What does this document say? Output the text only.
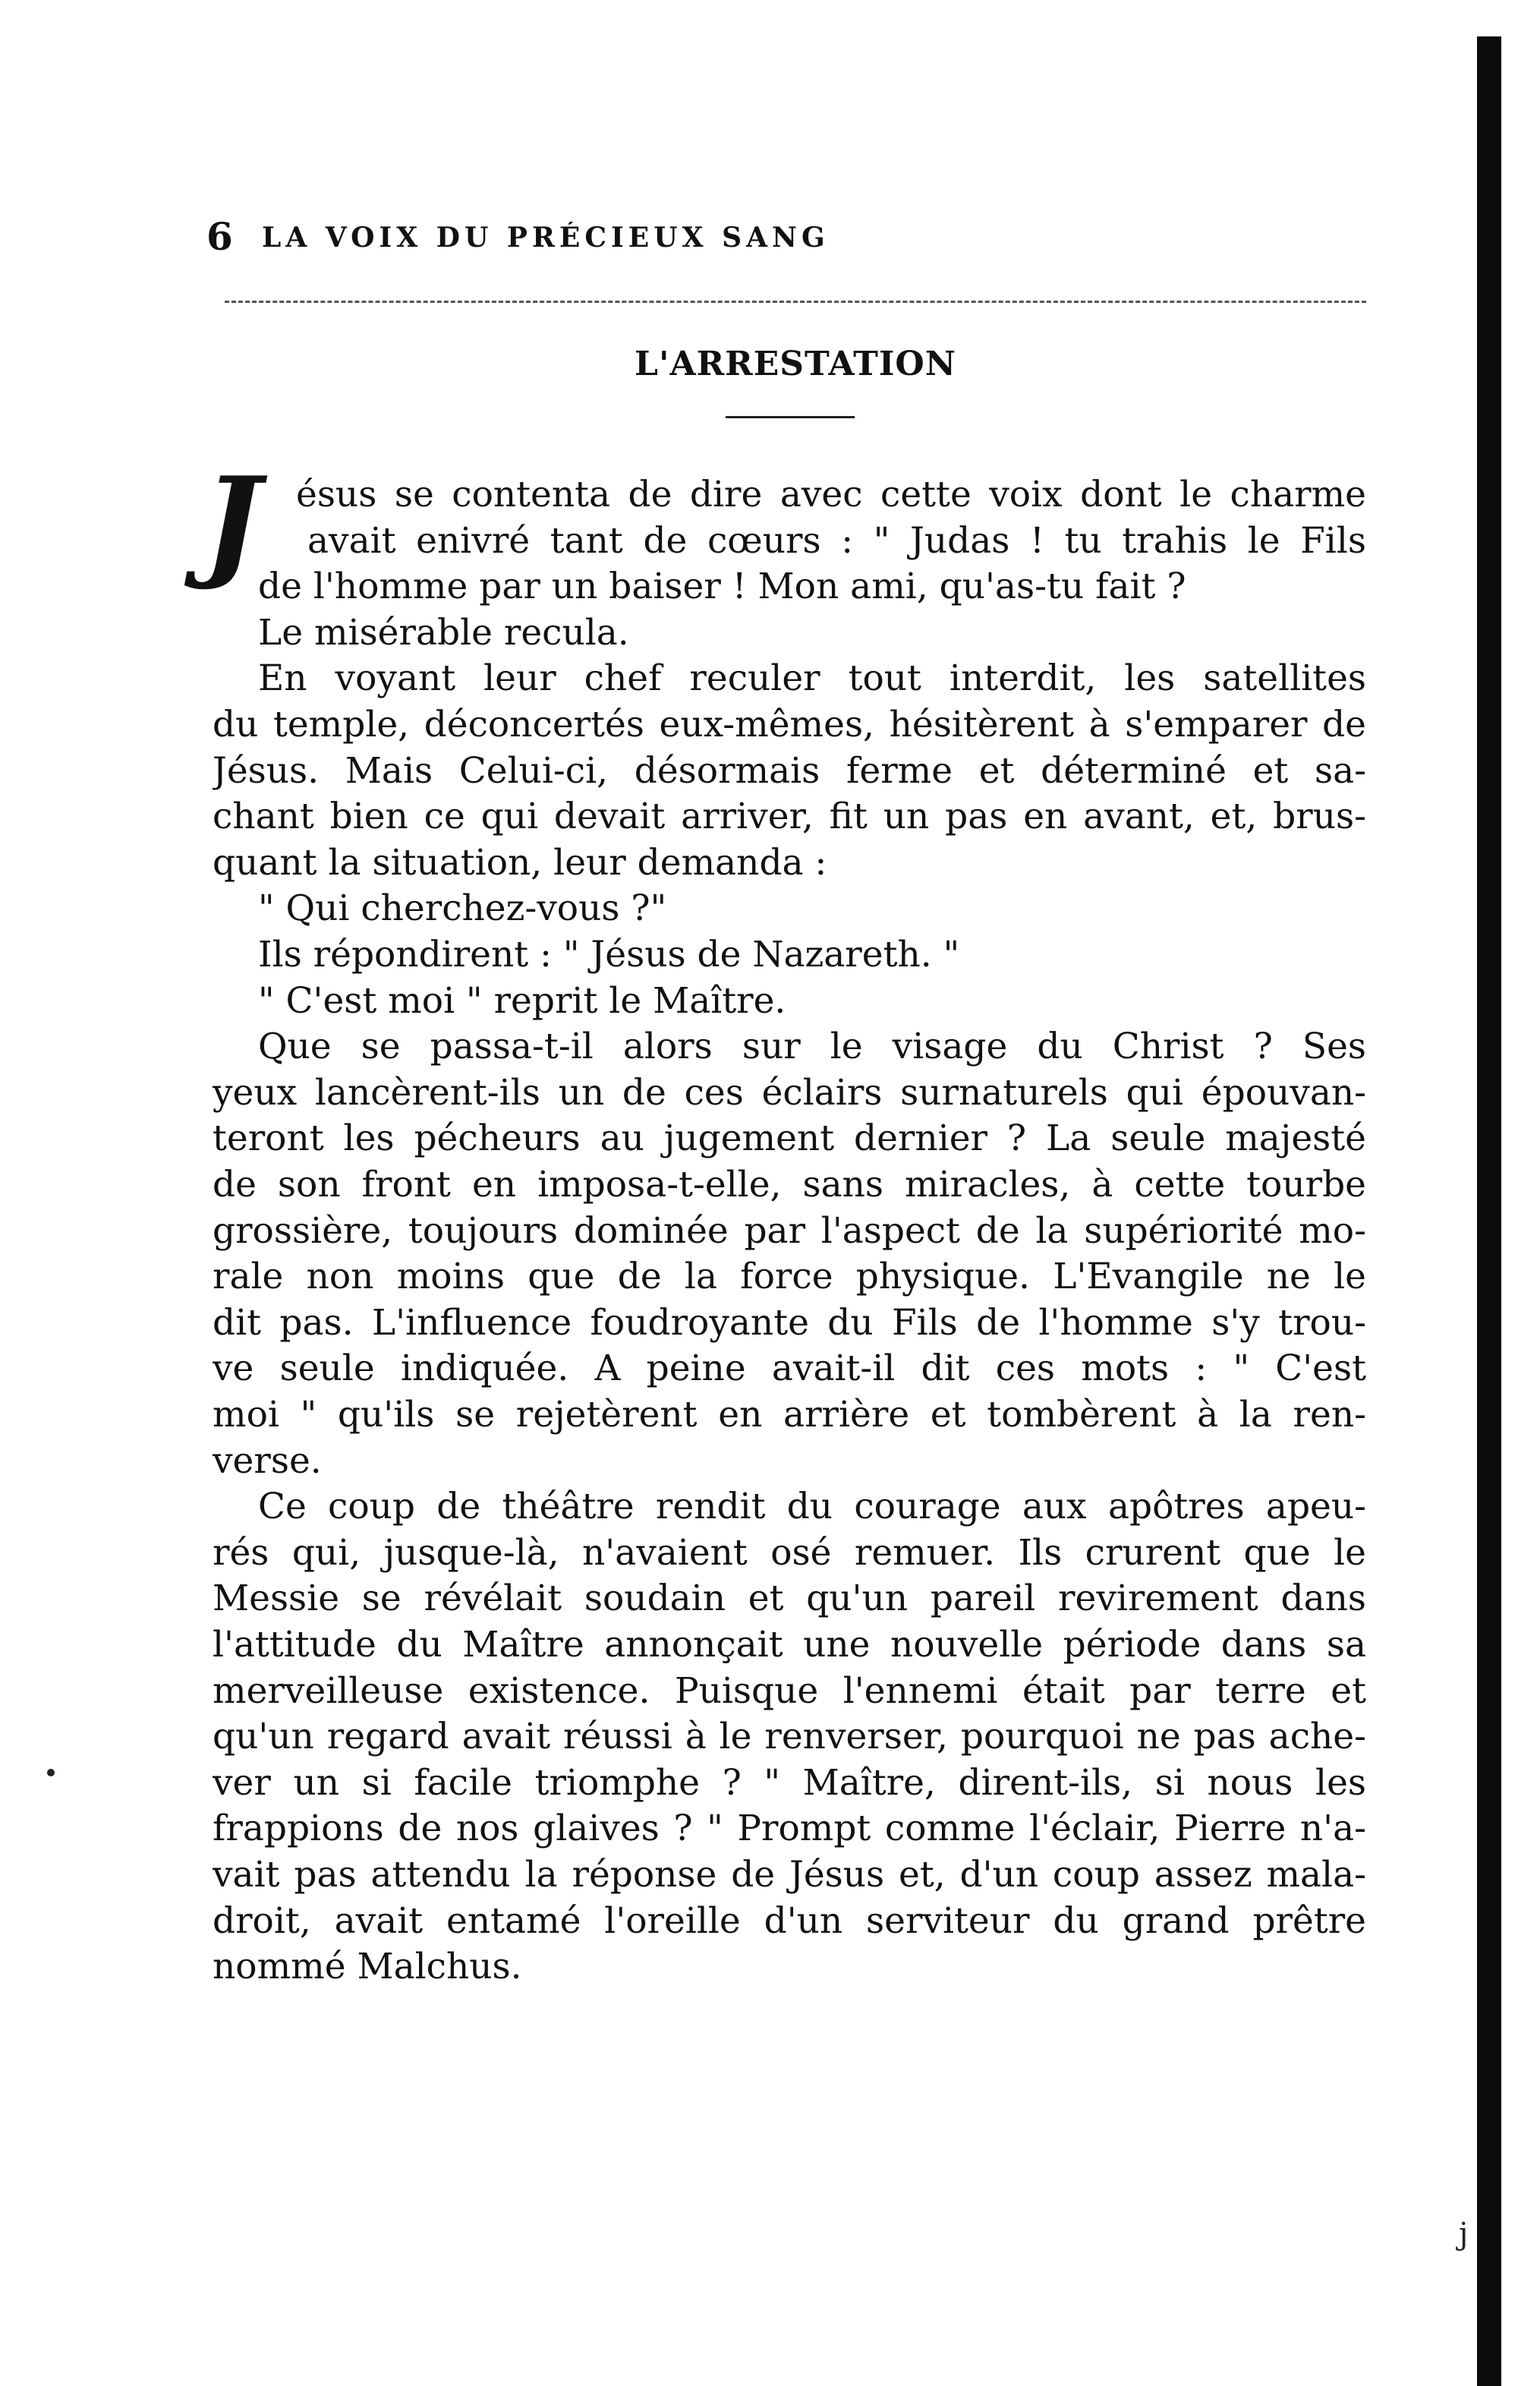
j
6 LA VOIX DU PRÉCIEUX SANG
L'ARRESTATION
J ésus se contenta de dire avec cette voix dont le charme
avait enivré tant de cœurs : " Judas ! tu trahis le Fils
de l'homme par un baiser ! Mon ami, qu'as-tu fait ?
Le misérable recula.
En voyant leur chef reculer tout interdit, les satellites
du temple, déconcertés eux-mêmes, hésitèrent à s'emparer de
Jésus. Mais Celui-ci, désormais ferme et déterminé et sa-
chant bien ce qui devait arriver, fit un pas en avant, et, brus-
quant la situation, leur demanda :
" Qui cherchez-vous ?"
Ils répondirent : " Jésus de Nazareth. "
" C'est moi " reprit le Maître.
Que se passa-t-il alors sur le visage du Christ ? Ses
yeux lancèrent-ils un de ces éclairs surnaturels qui épouvan-
teront les pécheurs au jugement dernier ? La seule majesté
de son front en imposa-t-elle, sans miracles, à cette tourbe
grossière, toujours dominée par l'aspect de la supériorité mo-
rale non moins que de la force physique. L'Evangile ne le
dit pas. L'influence foudroyante du Fils de l'homme s'y trou-
ve seule indiquée. A peine avait-il dit ces mots : " C'est
moi " qu'ils se rejetèrent en arrière et tombèrent à la ren-
verse.
Ce coup de théâtre rendit du courage aux apôtres apeu-
rés qui, jusque-là, n'avaient osé remuer. Ils crurent que le
Messie se révélait soudain et qu'un pareil revirement dans
l'attitude du Maître annonçait une nouvelle période dans sa
merveilleuse existence. Puisque l'ennemi était par terre et
qu'un regard avait réussi à le renverser, pourquoi ne pas ache-
ver un si facile triomphe ? " Maître, dirent-ils, si nous les
frappions de nos glaives ? " Prompt comme l'éclair, Pierre n'a-
vait pas attendu la réponse de Jésus et, d'un coup assez mala-
droit, avait entamé l'oreille d'un serviteur du grand prêtre
nommé Malchus.
